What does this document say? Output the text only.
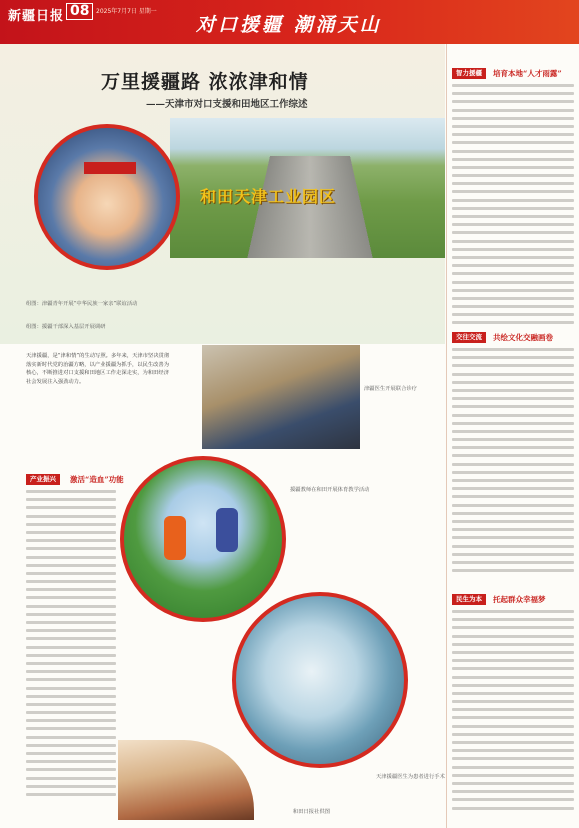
新疆日报 08	2025年7月7日 星期一
对口援疆 潮涌天山
万里援疆路 浓浓津和情
——天津市对口支援和田地区工作综述
和田天津工业园区
组图：津疆青年开展“中华民族一家亲”联谊活动
组图：援疆干部深入基层开展调研
天津援疆，是“津和情”的生动写照。多年来，天津市坚决贯彻落实新时代党的治疆方略，以产业援疆为抓手，以民生改善为核心，不断推进对口支援和田地区工作走深走实，为和田经济社会发展注入强劲动力。
津疆医生开展联合诊疗
援疆教师在和田开展体育教学活动
天津援疆医生为患者进行手术
和田日报社供图
产业振兴	激活“造血”功能
智力援疆	培育本地“人才雨露”
交往交流	共绘文化交融画卷
民生为本	托起群众幸福梦
